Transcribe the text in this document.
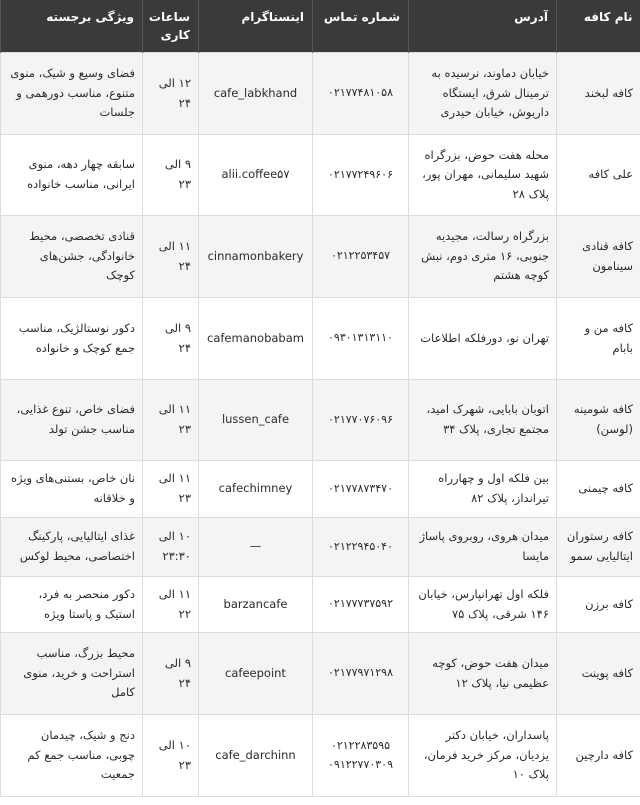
نام کافه	آدرس	شماره تماس	اینستاگرام	ساعات کاری	ویژگی برجسته
کافه لبخند	خیابان دماوند، نرسیده به ترمینال شرق، ایستگاه داریوش، خیابان حیدری	۰۲۱۷۷۴۸۱۰۵۸	cafe_labkhand	۱۲ الی ۲۴	فضای وسیع و شیک، منوی متنوع، مناسب دورهمی و جلسات
علی کافه	محله هفت حوض، بزرگراه شهید سلیمانی، مهران پور، پلاک ۲۸	۰۲۱۷۷۲۴۹۶۰۶	alii.coffee۵۷	۹ الی ۲۳	سابقه چهار دهه، منوی ایرانی، مناسب خانواده
کافه قنادی سینامون	بزرگراه رسالت، مجیدیه جنوبی، ۱۶ متری دوم، نبش کوچه هشتم	۰۲۱۲۲۵۳۴۵۷	cinnamonbakery	۱۱ الی ۲۴	قنادی تخصصی، محیط خانوادگی، جشن‌های کوچک
کافه من و بابام	تهران نو، دورفلکه اطلاعات	۰۹۳۰۱۳۱۳۱۱۰	cafemanobabam	۹ الی ۲۴	دکور نوستالژیک، مناسب جمع کوچک و خانواده
کافه شومینه (لوسن)	اتوبان بابایی، شهرک امید، مجتمع تجاری، پلاک ۳۴	۰۲۱۷۷۰۷۶۰۹۶	lussen_cafe	۱۱ الی ۲۳	فضای خاص، تنوع غذایی، مناسب جشن تولد
کافه چیمنی	بین فلکه اول و چهارراه تیرانداز، پلاک ۸۲	۰۲۱۷۷۸۷۳۴۷۰	cafechimney	۱۱ الی ۲۳	نان خاص، بستنی‌های ویژه و خلاقانه
کافه رستوران ایتالیایی سمو	میدان هروی، روبروی پاساژ مایسا	۰۲۱۲۲۹۴۵۰۴۰	—	۱۰ الی ۲۳:۳۰	غذای ایتالیایی، پارکینگ اختصاصی، محیط لوکس
کافه برزن	فلکه اول تهرانپارس، خیابان ۱۴۶ شرقی، پلاک ۷۵	۰۲۱۷۷۷۳۷۵۹۲	barzancafe	۱۱ الی ۲۲	دکور منحصر به فرد، استیک و پاستا ویژه
کافه پوینت	میدان هفت حوض، کوچه عظیمی نیا، پلاک ۱۲	۰۲۱۷۷۹۷۱۲۹۸	cafeepoint	۹ الی ۲۴	محیط بزرگ، مناسب استراحت و خرید، منوی کامل
کافه دارچین	پاسداران، خیابان دکتر یزدیان، مرکز خرید فرمان، پلاک ۱۰	۰۲۱۲۲۸۳۵۹۵ ۰۹۱۲۲۷۷۰۳۰۹	cafe_darchinn	۱۰ الی ۲۳	دنج و شیک، چیدمان چوبی، مناسب جمع کم جمعیت
